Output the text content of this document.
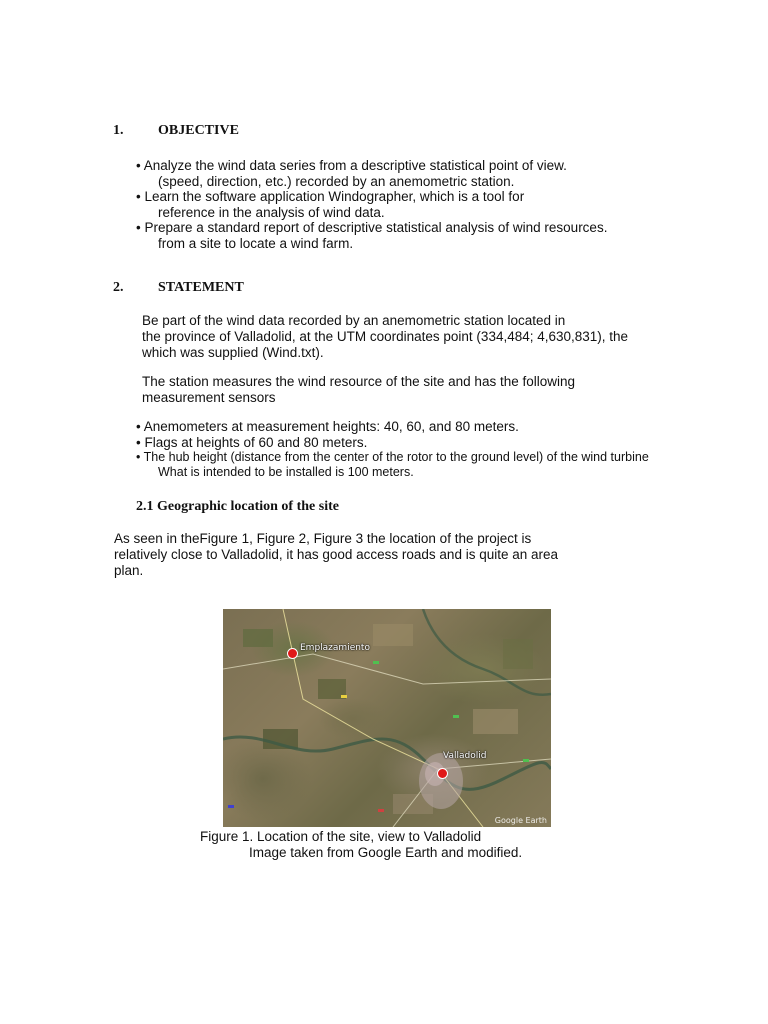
1. OBJECTIVE
• Analyze the wind data series from a descriptive statistical point of view.
(speed, direction, etc.) recorded by an anemometric station.
• Learn the software application Windographer, which is a tool for
reference in the analysis of wind data.
• Prepare a standard report of descriptive statistical analysis of wind resources.
from a site to locate a wind farm.
2. STATEMENT
Be part of the wind data recorded by an anemometric station located in
the province of Valladolid, at the UTM coordinates point (334,484; 4,630,831), the
which was supplied (Wind.txt).
The station measures the wind resource of the site and has the following
measurement sensors
• Anemometers at measurement heights: 40, 60, and 80 meters.
• Flags at heights of 60 and 80 meters.
• The hub height (distance from the center of the rotor to the ground level) of the wind turbine
What is intended to be installed is 100 meters.
2.1 Geographic location of the site
As seen in theFigure 1, Figure 2, Figure 3 the location of the project is
relatively close to Valladolid, it has good access roads and is quite an area
plan.
Emplazamiento
Valladolid
Google Earth
Figure 1. Location of the site, view to Valladolid
Image taken from Google Earth and modified.
